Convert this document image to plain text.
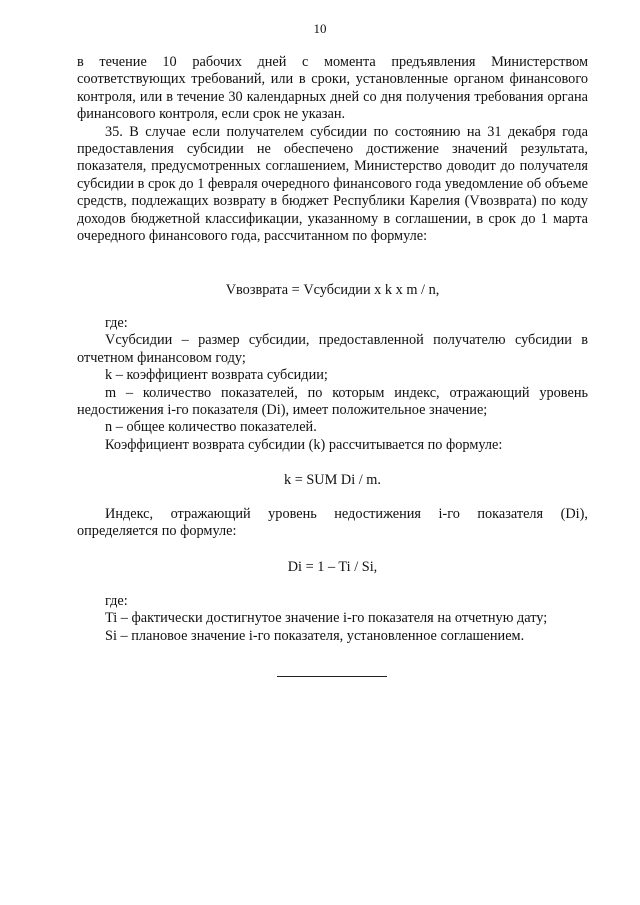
10

в течение 10 рабочих дней с момента предъявления Министерством соответствующих требований, или в сроки, установленные органом финансового контроля, или в течение 30 календарных дней со дня получения требования органа финансового контроля, если срок не указан.

35. В случае если получателем субсидии по состоянию на 31 декабря года предоставления субсидии не обеспечено достижение значений результата, показателя, предусмотренных соглашением, Министерство доводит до получателя субсидии в срок до 1 февраля очередного финансового года уведомление об объеме средств, подлежащих возврату в бюджет Республики Карелия (Vвозврата) по коду доходов бюджетной классификации, указанному в соглашении, в срок до 1 марта очередного финансового года, рассчитанном по формуле:

Vвозврата = Vсубсидии x k x m / n,

где:

Vсубсидии – размер субсидии, предоставленной получателю субсидии в отчетном финансовом году;

k – коэффициент возврата субсидии;

m – количество показателей, по которым индекс, отражающий уровень недостижения i-го показателя (Di), имеет положительное значение;

n – общее количество показателей.

Коэффициент возврата субсидии (k) рассчитывается по формуле:

k = SUM Di / m.

Индекс, отражающий уровень недостижения i-го показателя (Di), определяется по формуле:

Di = 1 – Ti / Si,

где:

Ti – фактически достигнутое значение i-го показателя на отчетную дату;

Si – плановое значение i-го показателя, установленное соглашением.
